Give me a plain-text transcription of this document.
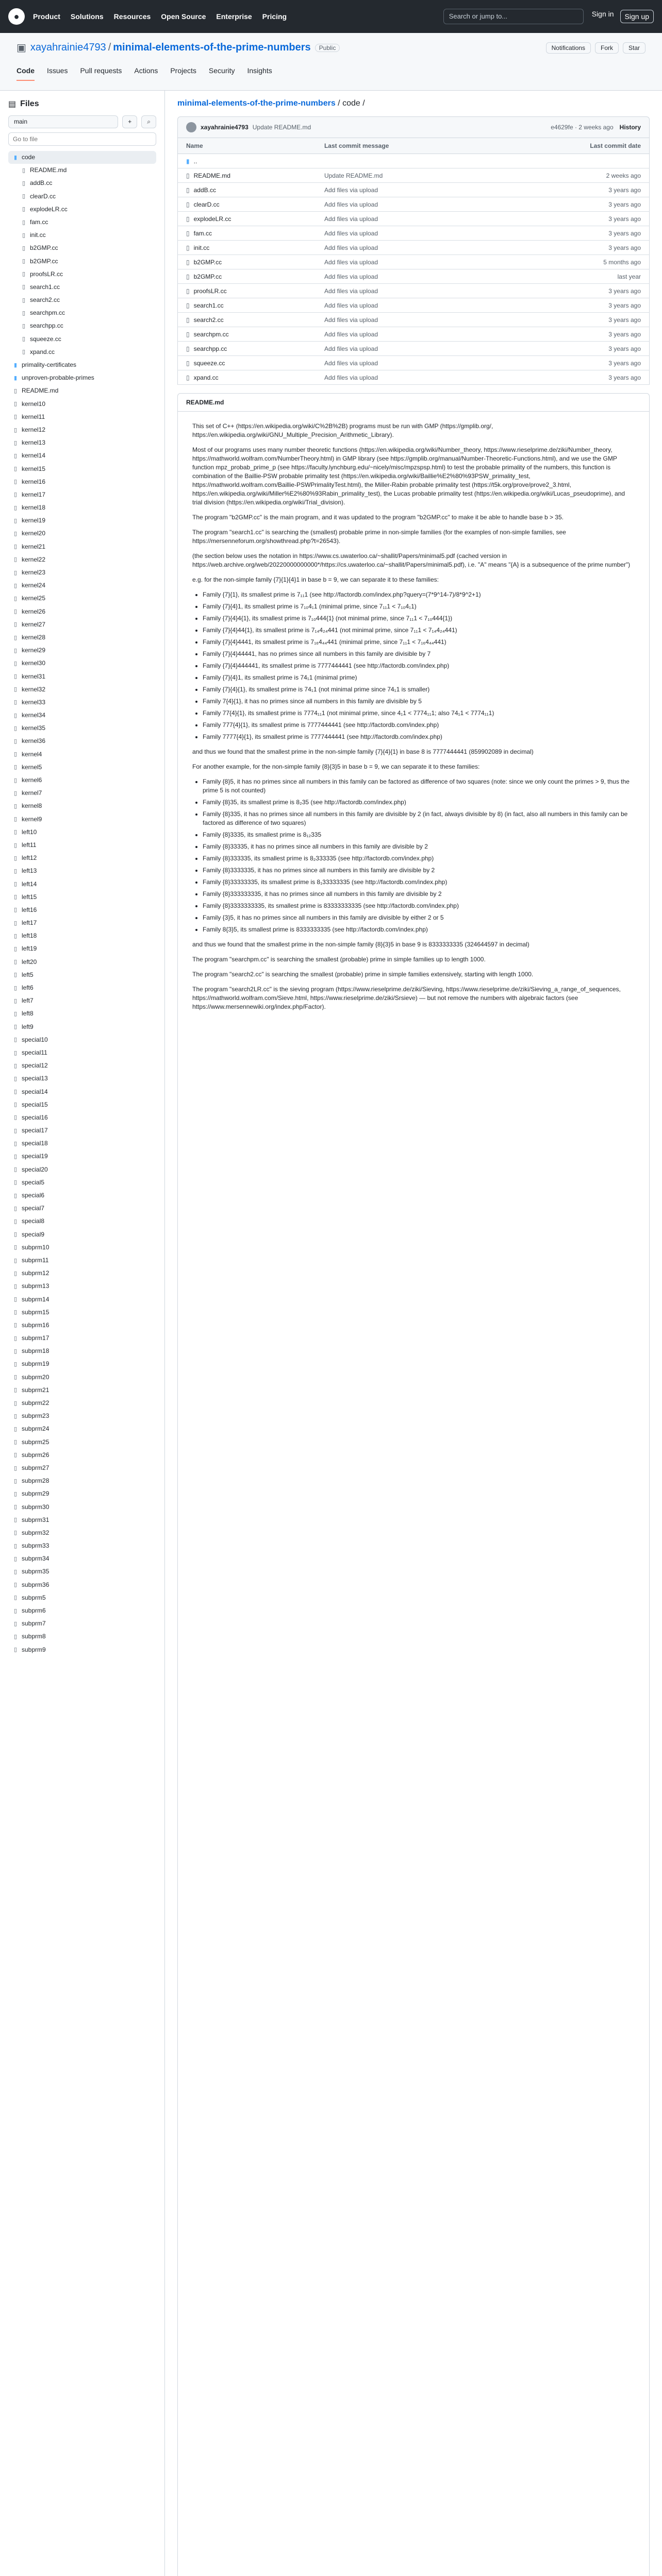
●	Product Solutions Resources Open Source Enterprise Pricing	Search or jump to...	Sign in	Sign up
▣ xayahrainie4793 / minimal-elements-of-the-prime-numbers	Public	Notifications	Fork	Star
Code Issues Pull requests Actions Projects Security Insights
▤ Files
main	+	⌕
Go to file
▮ code
▯ README.md
▯ addB.cc
▯ clearD.cc
▯ explodeLR.cc
▯ fam.cc
▯ init.cc
▯ b2GMP.cc
▯ b2GMP.cc
▯ proofsLR.cc
▯ search1.cc
▯ search2.cc
▯ searchpm.cc
▯ searchpp.cc
▯ squeeze.cc
▯ xpand.cc
▮ primality-certificates
▮ unproven-probable-primes
▯ README.md
▯ kernel10
▯ kernel11
▯ kernel12
▯ kernel13
▯ kernel14
▯ kernel15
▯ kernel16
▯ kernel17
▯ kernel18
▯ kernel19
▯ kernel20
▯ kernel21
▯ kernel22
▯ kernel23
▯ kernel24
▯ kernel25
▯ kernel26
▯ kernel27
▯ kernel28
▯ kernel29
▯ kernel30
▯ kernel31
▯ kernel32
▯ kernel33
▯ kernel34
▯ kernel35
▯ kernel36
▯ kernel4
▯ kernel5
▯ kernel6
▯ kernel7
▯ kernel8
▯ kernel9
▯ left10
▯ left11
▯ left12
▯ left13
▯ left14
▯ left15
▯ left16
▯ left17
▯ left18
▯ left19
▯ left20
▯ left5
▯ left6
▯ left7
▯ left8
▯ left9
▯ special10
▯ special11
▯ special12
▯ special13
▯ special14
▯ special15
▯ special16
▯ special17
▯ special18
▯ special19
▯ special20
▯ special5
▯ special6
▯ special7
▯ special8
▯ special9
▯ subprm10
▯ subprm11
▯ subprm12
▯ subprm13
▯ subprm14
▯ subprm15
▯ subprm16
▯ subprm17
▯ subprm18
▯ subprm19
▯ subprm20
▯ subprm21
▯ subprm22
▯ subprm23
▯ subprm24
▯ subprm25
▯ subprm26
▯ subprm27
▯ subprm28
▯ subprm29
▯ subprm30
▯ subprm31
▯ subprm32
▯ subprm33
▯ subprm34
▯ subprm35
▯ subprm36
▯ subprm5
▯ subprm6
▯ subprm7
▯ subprm8
▯ subprm9
minimal-elements-of-the-prime-numbers / code /
xayahrainie4793 Update README.md	e4629fe · 2 weeks ago History
Name	Last commit message	Last commit date
▮ ..		
▯ README.md	Update README.md	2 weeks ago
▯ addB.cc	Add files via upload	3 years ago
▯ clearD.cc	Add files via upload	3 years ago
▯ explodeLR.cc	Add files via upload	3 years ago
▯ fam.cc	Add files via upload	3 years ago
▯ init.cc	Add files via upload	3 years ago
▯ b2GMP.cc	Add files via upload	5 months ago
▯ b2GMP.cc	Add files via upload	last year
▯ proofsLR.cc	Add files via upload	3 years ago
▯ search1.cc	Add files via upload	3 years ago
▯ search2.cc	Add files via upload	3 years ago
▯ searchpm.cc	Add files via upload	3 years ago
▯ searchpp.cc	Add files via upload	3 years ago
▯ squeeze.cc	Add files via upload	3 years ago
▯ xpand.cc	Add files via upload	3 years ago
README.md

This set of C++ (https://en.wikipedia.org/wiki/C%2B%2B) programs must be run with GMP (https://gmplib.org/, https://en.wikipedia.org/wiki/GNU_Multiple_Precision_Arithmetic_Library).

Most of our programs uses many number theoretic functions (https://en.wikipedia.org/wiki/Number_theory, https://www.rieselprime.de/ziki/Number_theory, https://mathworld.wolfram.com/NumberTheory.html) in GMP library (see https://gmplib.org/manual/Number-Theoretic-Functions.html), and we use the GMP function mpz_probab_prime_p (see https://faculty.lynchburg.edu/~nicely/misc/mpzspsp.html) to test the probable primality of the numbers, this function is combination of the Baillie-PSW probable primality test (https://en.wikipedia.org/wiki/Baillie%E2%80%93PSW_primality_test, https://mathworld.wolfram.com/Baillie-PSWPrimalityTest.html), the Miller-Rabin probable primality test (https://t5k.org/prove/prove2_3.html, https://en.wikipedia.org/wiki/Miller%E2%80%93Rabin_primality_test), the Lucas probable primality test (https://en.wikipedia.org/wiki/Lucas_pseudoprime), and trial division (https://en.wikipedia.org/wiki/Trial_division).

The program "b2GMP.cc" is the main program, and it was updated to the program "b2GMP.cc" to make it be able to handle base b > 35.

The program "search1.cc" is searching the (smallest) probable prime in non-simple families (for the examples of non-simple families, see https://mersenneforum.org/showthread.php?t=26543).

(the section below uses the notation in https://www.cs.uwaterloo.ca/~shallit/Papers/minimal5.pdf (cached version in https://web.archive.org/web/20220000000000*/https://cs.uwaterloo.ca/~shallit/Papers/minimal5.pdf), i.e. "A" means "{A} is a subsequence of the prime number")

e.g. for the non-simple family {7}{1}{4}1 in base b = 9, we can separate it to these families:

• Family {7}{1}, its smallest prime is 7₁₁1 (see http://factordb.com/index.php?query=(7*9^14-7)/8*9^2+1)
• Family {7}{4}1, its smallest prime is 7₁₀4₁1 (minimal prime, since 7₁₁1 < 7₁₀4₁1)
• Family {7}{4}4{1}, its smallest prime is 7₁₀444{1} (not minimal prime, since 7₁₁1 < 7₁₀444{1})
• Family {7}{4}44{1}, its smallest prime is 7₁₄4₂₄441 (not minimal prime, since 7₁₁1 < 7₁₄4₂₄441)
• Family {7}{4}4441, its smallest prime is 7₁₆4₄₄441 (minimal prime, since 7₁₁1 < 7₁₆4₄₄441)
• Family {7}{4}44441, has no primes since all numbers in this family are divisible by 7
• Family {7}{4}444441, its smallest prime is 7777444441 (see http://factordb.com/index.php)
• Family {7}{4}1, its smallest prime is 74₁1 (minimal prime)
• Family {7}{4}{1}, its smallest prime is 74₁1 (not minimal prime since 74₁1 is smaller)
• Family 7{4}{1}, it has no primes since all numbers in this family are divisible by 5
• Family 77{4}{1}, its smallest prime is 7774₁₁1 (not minimal prime, since 4₁1 < 7774₁₁1; also 74₁1 < 7774₁₁1)
• Family 777{4}{1}, its smallest prime is 7777444441 (see http://factordb.com/index.php)
• Family 7777{4}{1}, its smallest prime is 7777444441 (see http://factordb.com/index.php)

and thus we found that the smallest prime in the non-simple family {7}{4}{1} in base 8 is 7777444441 (859902089 in decimal)

For another example, for the non-simple family {8}{3}5 in base b = 9, we can separate it to these families:

• Family {8}5, it has no primes since all numbers in this family can be factored as difference of two squares (note: since we only count the primes > 9, thus the prime 5 is not counted)
• Family {8}35, its smallest prime is 8₂35 (see http://factordb.com/index.php)
• Family {8}335, it has no primes since all numbers in this family are divisible by 2 (in fact, always divisible by 8) (in fact, also all numbers in this family can be factored as difference of two squares)
• Family {8}3335, its smallest prime is 8₁₂335
• Family {8}33335, it has no primes since all numbers in this family are divisible by 2
• Family {8}333335, its smallest prime is 8₂333335 (see http://factordb.com/index.php)
• Family {8}3333335, it has no primes since all numbers in this family are divisible by 2
• Family {8}33333335, its smallest prime is 8₁33333335 (see http://factordb.com/index.php)
• Family {8}333333335, it has no primes since all numbers in this family are divisible by 2
• Family {8}3333333335, its smallest prime is 83333333335 (see http://factordb.com/index.php)
• Family {3}5, it has no primes since all numbers in this family are divisible by either 2 or 5
• Family 8{3}5, its smallest prime is 8333333335 (see http://factordb.com/index.php)

and thus we found that the smallest prime in the non-simple family {8}{3}5 in base 9 is 8333333335 (324644597 in decimal)

The program "searchpm.cc" is searching the smallest (probable) prime in simple families up to length 1000.

The program "search2.cc" is searching the smallest (probable) prime in simple families extensively, starting with length 1000.

The program "search2LR.cc" is the sieving program (https://www.rieselprime.de/ziki/Sieving, https://www.rieselprime.de/ziki/Sieving_a_range_of_sequences, https://mathworld.wolfram.com/Sieve.html, https://www.rieselprime.de/ziki/Srsieve) — but not remove the numbers with algebraic factors (see https://www.mersennewiki.org/index.php/Factor).
